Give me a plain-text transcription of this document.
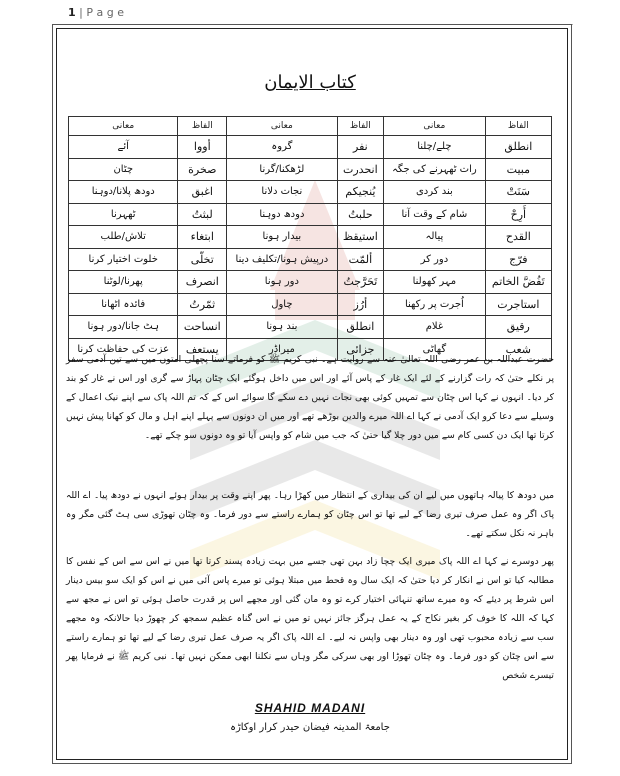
1 | P a g e
کتاب الایمان
الفاظ	معانی	الفاظ	معانی	الفاظ	معانی
انطلق	چلے/چلنا	نفر	گروہ	أووا	آئے
مبیت	رات ٹھہرنے کی جگہ	انحدرت	لڑھکنا/گرنا	صخرة	چٹان
سَنَتْ	بند کردی	يُنجيكم	نجات دلانا	اغبق	دودھ پلانا/دوہنا
أَرِحْ	شام کے وقت آنا	حلبتُ	دودھ دوہنا	لبثتُ	ٹھہرنا
القدح	پیالہ	استيقظ	بیدار ہونا	ابتغاء	تلاش/طلب
فرّج	دور کر	ألمّت	درپیش ہونا/تکلیف دینا	تخلّى	خلوت اختیار کرنا
تَفُضَّ الخاتم	مہر کھولنا	تَحَرَّجتُ	دور ہونا	انصرف	پھرنا/لوٹنا
استاجرت	اُجرت پر رکھنا	أرُز	چاول	ثمّرتُ	فائدہ اٹھانا
رقيق	غلام	انطلق	بند ہونا	انساحت	ہٹ جانا/دور ہونا
شعب	گھاٹی	جزائی	میراڈر	يستعف	عزت کی حفاظت کرنا
حضرت عبداللہ بن عمر رضی اللہ تعالیٰ عنہ سے روایت ہے۔ نبی کریم ﷺ کو فرماتے سنا پچھلی امتوں میں سے تین آدمی سفر پر نکلے حتیٰ کہ رات گزارنے کے لئے ایک غار کے پاس آئے اور اس میں داخل ہوگئے ایک چٹان پہاڑ سے گری اور اس نے غار کو بند کر دیا۔ انہوں نے کہا اس چٹان سے تمہیں کوئی بھی نجات نہیں دے سکے گا سوائے اس کے کہ تم اللہ پاک سے اپنے نیک اعمال کے وسیلے سے دعا کرو ایک آدمی نے کہا اے اللہ میرے والدین بوڑھے تھے اور میں ان دونوں سے پہلے اپنے اہل و مال کو کھانا پیش نہیں کرتا تھا ایک دن کسی کام سے میں دور چلا گیا حتیٰ کہ جب میں شام کو واپس آیا تو وہ دونوں سو چکے تھے۔
میں دودھ کا پیالہ ہاتھوں میں لیے ان کی بیداری کے انتظار میں کھڑا رہا۔ پھر اپنے وقت پر بیدار ہوئے انہوں نے دودھ پیا۔ اے اللہ پاک اگر وہ عمل صرف تیری رضا کے لیے تھا تو اس چٹان کو ہمارے راستے سے دور فرما۔ وہ چٹان تھوڑی سی ہٹ گئی مگر وہ باہر نہ نکل سکتے تھے۔
پھر دوسرے نے کہا اے اللہ پاک میری ایک چچا زاد بہن تھی جسے میں بہت زیادہ پسند کرتا تھا میں نے اس سے اس کے نفس کا مطالبہ کیا تو اس نے انکار کر دیا حتیٰ کہ ایک سال وہ قحط میں مبتلا ہوئی تو میرے پاس آئی میں نے اس کو ایک سو بیس دینار اس شرط پر دیئے کہ وہ میرے ساتھ تنہائی اختیار کرے تو وہ مان گئی اور مجھے اس پر قدرت حاصل ہوئی تو اس نے مجھ سے کہا کہ اللہ کا خوف کر بغیر نکاح کے یہ عمل ہرگز جائز نہیں تو میں نے اس گناہ عظیم سمجھ کر چھوڑ دیا حالانکہ وہ مجھے سب سے زیادہ محبوب تھی اور وہ دینار بھی واپس نہ لیے۔ اے اللہ پاک اگر یہ صرف عمل تیری رضا کے لیے تھا تو ہمارے راستے سے اس چٹان کو دور فرما۔ وہ چٹان تھوڑا اور بھی سرکی مگر وہاں سے نکلنا ابھی ممکن نہیں تھا۔ نبی کریم ﷺ نے فرمایا پھر تیسرے شخص
SHAHID MADANI
جامعۃ المدینہ فیضان حیدر کرار اوکاڑہ
